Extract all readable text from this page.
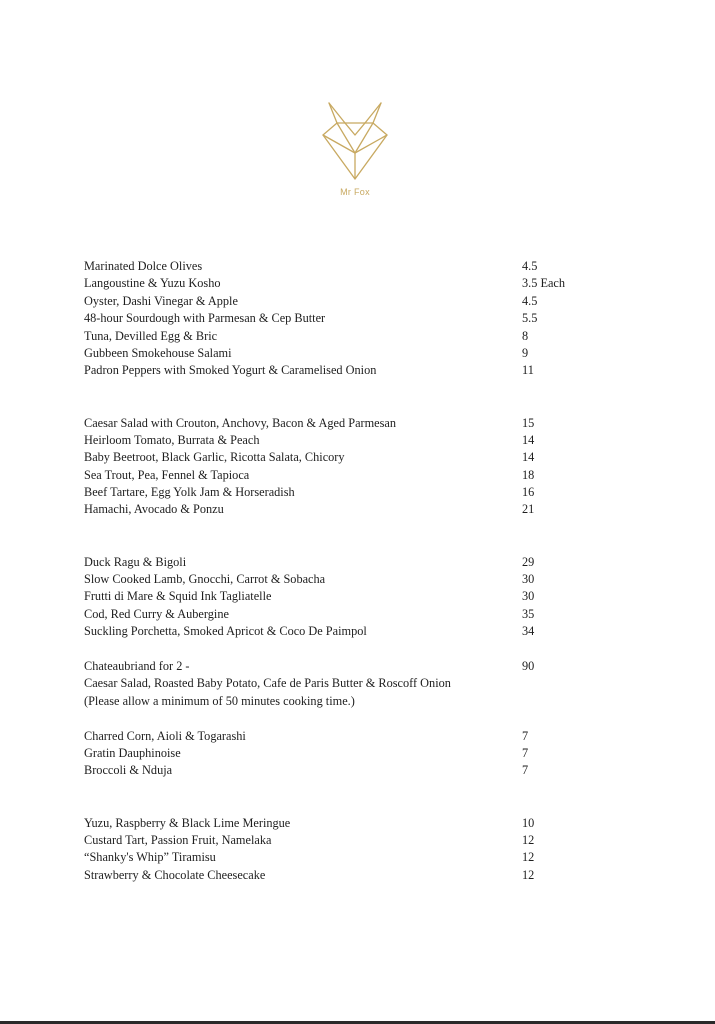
Mr Fox
Marinated Dolce Olives	4.5
Langoustine & Yuzu Kosho	3.5 Each
Oyster, Dashi Vinegar & Apple	4.5
48-hour Sourdough with Parmesan & Cep Butter	5.5
Tuna, Devilled Egg & Bric	8
Gubbeen Smokehouse Salami	9
Padron Peppers with Smoked Yogurt & Caramelised Onion	11
Caesar Salad with Crouton, Anchovy, Bacon & Aged Parmesan	15
Heirloom Tomato, Burrata & Peach	14
Baby Beetroot, Black Garlic, Ricotta Salata, Chicory	14
Sea Trout, Pea, Fennel & Tapioca	18
Beef Tartare, Egg Yolk Jam & Horseradish	16
Hamachi, Avocado & Ponzu	21
Duck Ragu & Bigoli	29
Slow Cooked Lamb, Gnocchi, Carrot & Sobacha	30
Frutti di Mare & Squid Ink Tagliatelle	30
Cod, Red Curry & Aubergine	35
Suckling Porchetta, Smoked Apricot & Coco De Paimpol	34
Chateaubriand for 2 -	90
Caesar Salad, Roasted Baby Potato, Cafe de Paris Butter & Roscoff Onion
(Please allow a minimum of 50 minutes cooking time.)
Charred Corn, Aioli & Togarashi	7
Gratin Dauphinoise	7
Broccoli & Nduja	7
Yuzu, Raspberry & Black Lime Meringue	10
Custard Tart, Passion Fruit, Namelaka	12
“Shanky's Whip” Tiramisu	12
Strawberry & Chocolate Cheesecake	12
